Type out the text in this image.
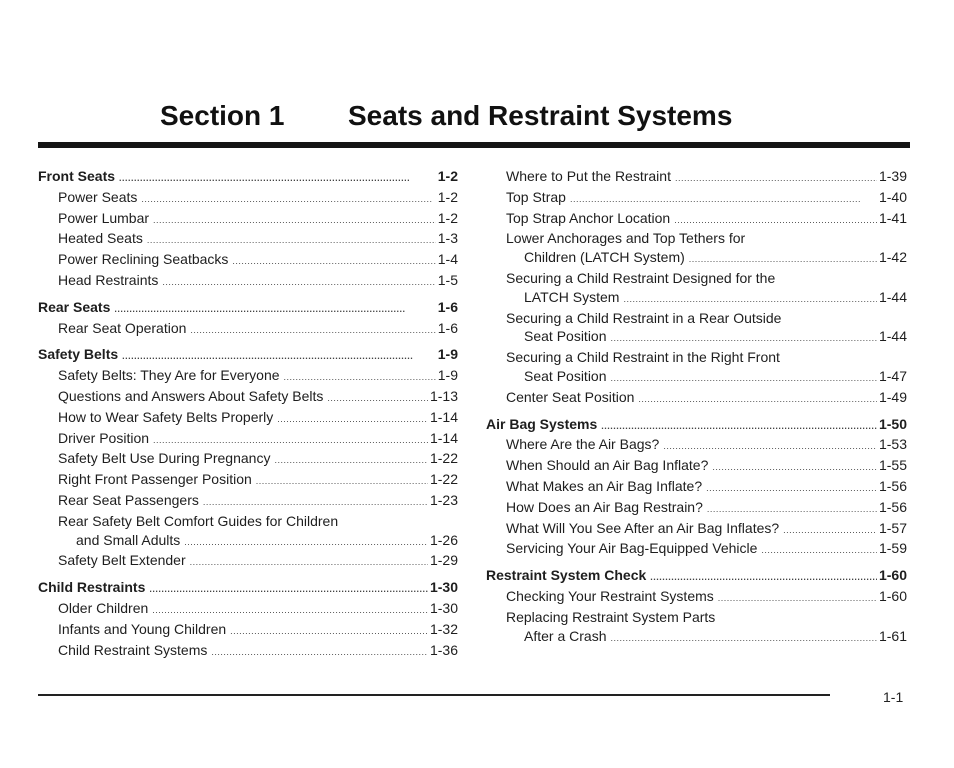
Section 1 Seats and Restraint Systems
Front Seats . . .	1-2
Power Seats . . .	1-2
Power Lumbar . . .	1-2
Heated Seats . . .	1-3
Power Reclining Seatbacks . . .	1-4
Head Restraints . . .	1-5
Rear Seats . . .	1-6
Rear Seat Operation . . .	1-6
Safety Belts . . .	1-9
Safety Belts: They Are for Everyone . . .	1-9
Questions and Answers About Safety Belts . . .	1-13
How to Wear Safety Belts Properly . . .	1-14
Driver Position . . .	1-14
Safety Belt Use During Pregnancy . . .	1-22
Right Front Passenger Position . . .	1-22
Rear Seat Passengers . . .	1-23
Rear Safety Belt Comfort Guides for Children
and Small Adults . . .	1-26
Safety Belt Extender . . .	1-29
Child Restraints . . .	1-30
Older Children . . .	1-30
Infants and Young Children . . .	1-32
Child Restraint Systems . . .	1-36
Where to Put the Restraint . . .	1-39
Top Strap . . .	1-40
Top Strap Anchor Location . . .	1-41
Lower Anchorages and Top Tethers for
Children (LATCH System) . . .	1-42
Securing a Child Restraint Designed for the
LATCH System . . .	1-44
Securing a Child Restraint in a Rear Outside
Seat Position . . .	1-44
Securing a Child Restraint in the Right Front
Seat Position . . .	1-47
Center Seat Position . . .	1-49
Air Bag Systems . . .	1-50
Where Are the Air Bags? . . .	1-53
When Should an Air Bag Inflate? . . .	1-55
What Makes an Air Bag Inflate? . . .	1-56
How Does an Air Bag Restrain? . . .	1-56
What Will You See After an Air Bag Inflates? . . .	1-57
Servicing Your Air Bag-Equipped Vehicle . . .	1-59
Restraint System Check . . .	1-60
Checking Your Restraint Systems . . .	1-60
Replacing Restraint System Parts
After a Crash . . .	1-61
1-1
